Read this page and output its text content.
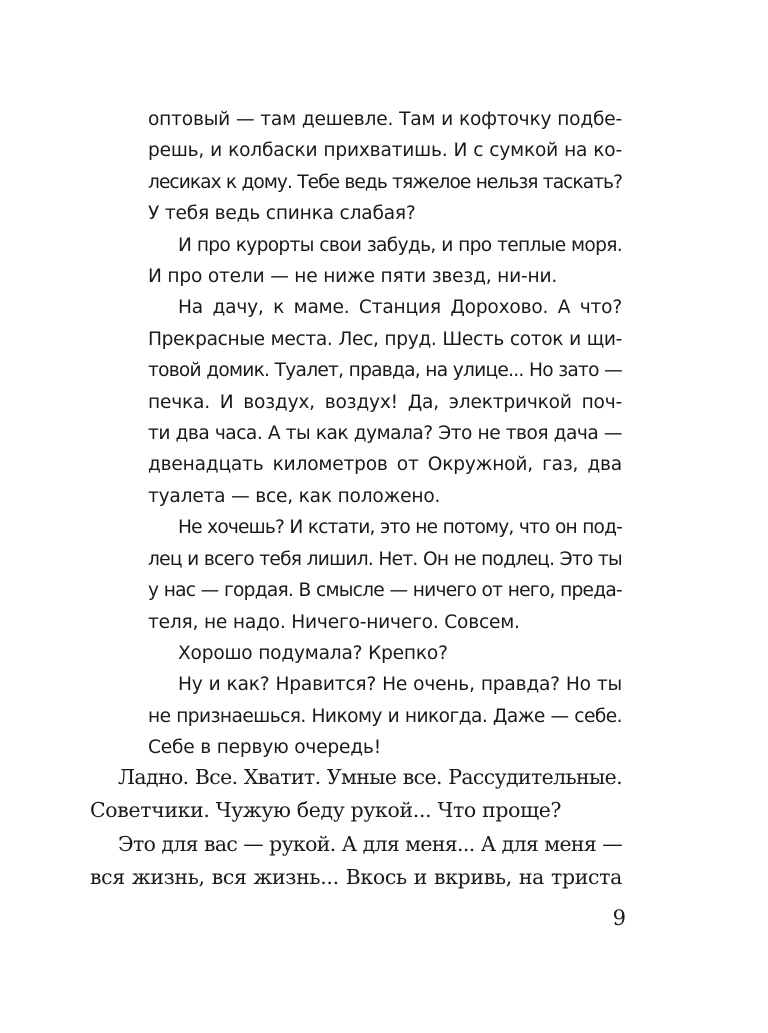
оптовый — там дешевле. Там и кофточку подбе-
решь, и колбаски прихватишь. И с сумкой на ко-
лесиках к дому. Тебе ведь тяжелое нельзя таскать?
У тебя ведь спинка слабая?
И про курорты свои забудь, и про теплые моря.
И про отели — не ниже пяти звезд, ни-ни.
На дачу, к маме. Станция Дорохово. А что?
Прекрасные места. Лес, пруд. Шесть соток и щи-
товой домик. Туалет, правда, на улице... Но зато —
печка. И воздух, воздух! Да, электричкой поч-
ти два часа. А ты как думала? Это не твоя дача —
двенадцать километров от Окружной, газ, два
туалета — все, как положено.
Не хочешь? И кстати, это не потому, что он под-
лец и всего тебя лишил. Нет. Он не подлец. Это ты
у нас — гордая. В смысле — ничего от него, преда-
теля, не надо. Ничего-ничего. Совсем.
Хорошо подумала? Крепко?
Ну и как? Нравится? Не очень, правда? Но ты
не признаешься. Никому и никогда. Даже — себе.
Себе в первую очередь!
Ладно. Все. Хватит. Умные все. Рассудительные.
Советчики. Чужую беду рукой... Что проще?
Это для вас — рукой. А для меня... А для меня —
вся жизнь, вся жизнь... Вкось и вкривь, на триста
9
